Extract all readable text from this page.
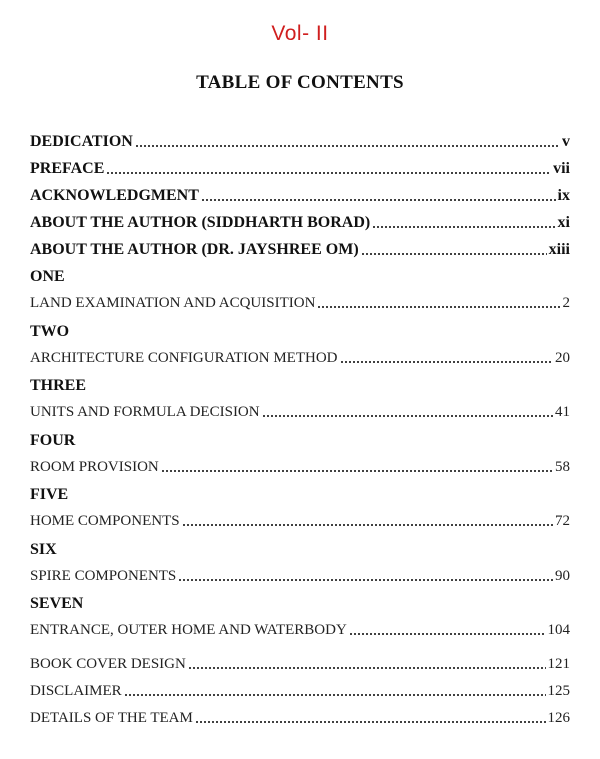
Vol- II
TABLE OF CONTENTS
DEDICATION	v
PREFACE	vii
ACKNOWLEDGMENT	ix
ABOUT THE AUTHOR (SIDDHARTH BORAD)	xi
ABOUT THE AUTHOR (DR. JAYSHREE OM)	xiii
ONE
LAND EXAMINATION AND ACQUISITION	2
TWO
ARCHITECTURE CONFIGURATION METHOD	20
THREE
UNITS AND FORMULA DECISION	41
FOUR
ROOM PROVISION	58
FIVE
HOME COMPONENTS	72
SIX
SPIRE COMPONENTS	90
SEVEN
ENTRANCE, OUTER HOME AND WATERBODY	104
BOOK COVER DESIGN	121
DISCLAIMER	125
DETAILS OF THE TEAM	126
